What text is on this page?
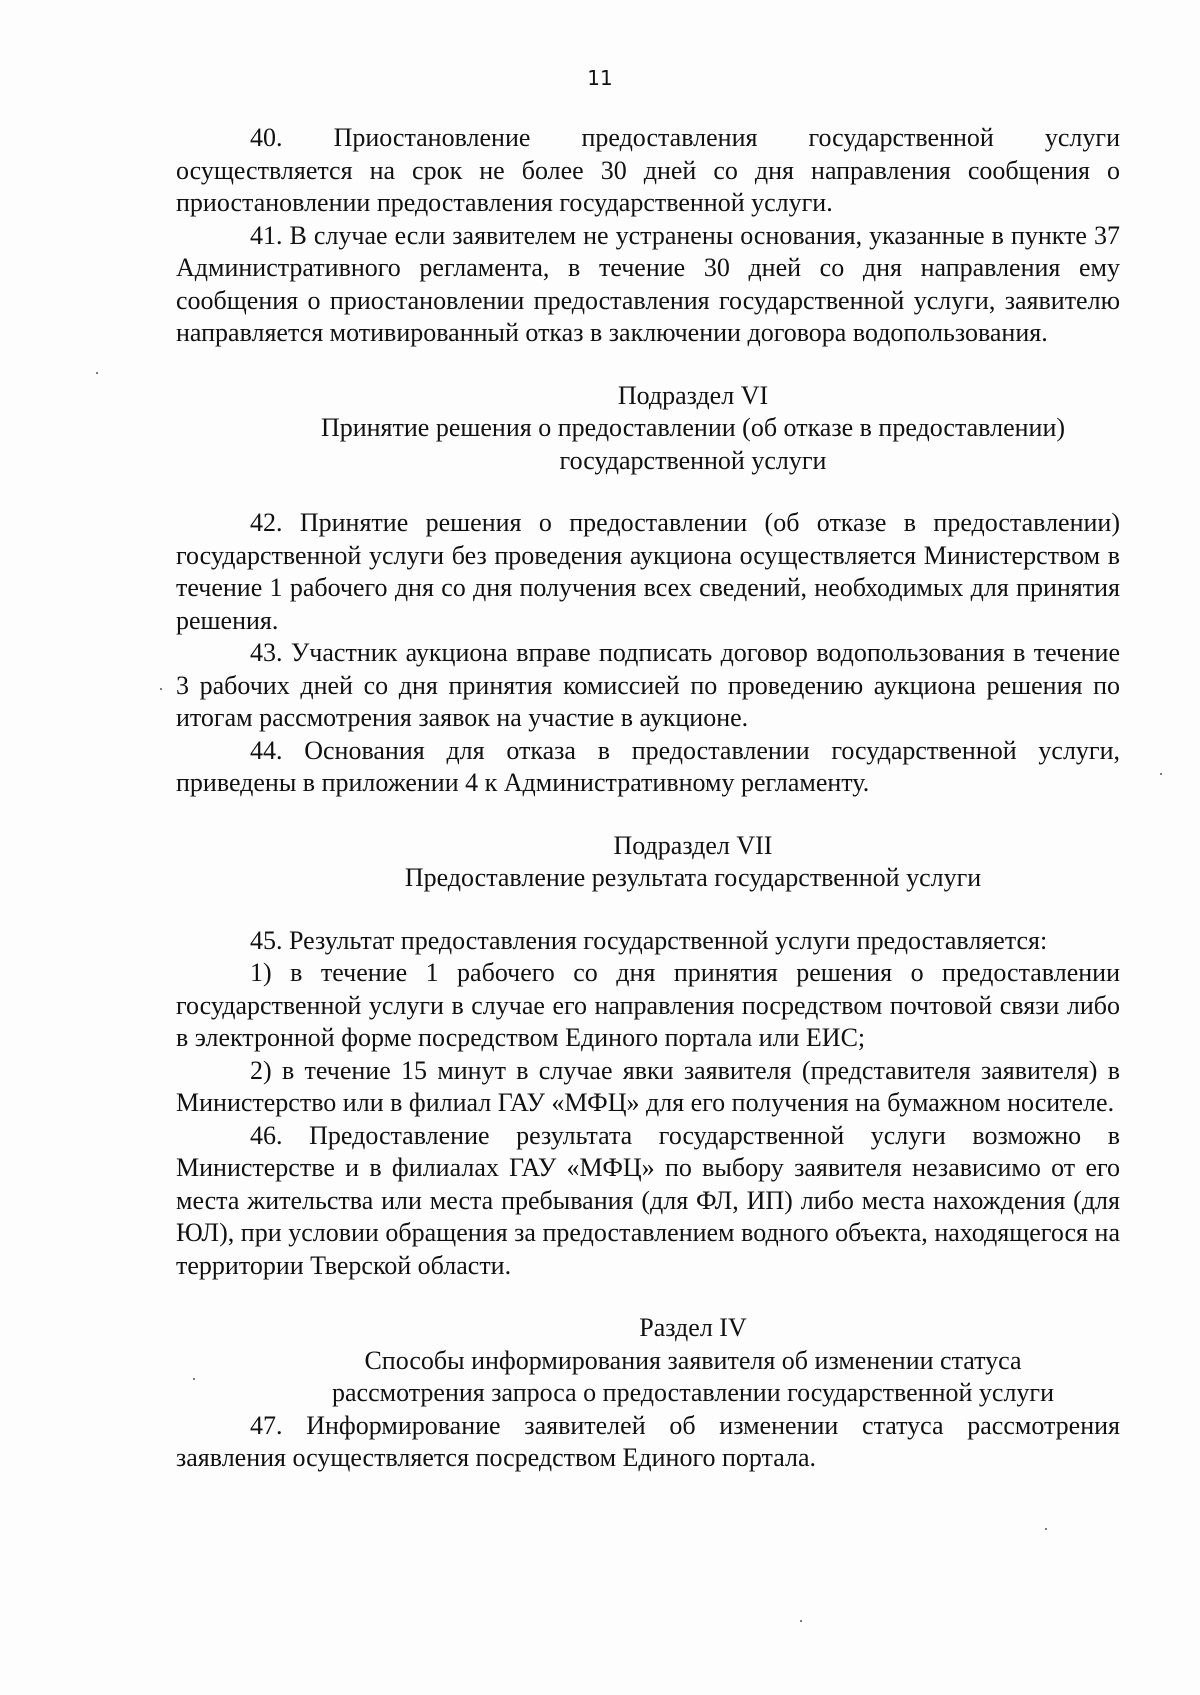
11

40. Приостановление предоставления государственной услуги осуществляется на срок не более 30 дней со дня направления сообщения о приостановлении предоставления государственной услуги.

41. В случае если заявителем не устранены основания, указанные в пункте 37 Административного регламента, в течение 30 дней со дня направления ему сообщения о приостановлении предоставления государственной услуги, заявителю направляется мотивированный отказ в заключении договора водопользования.

Подраздел VI

Принятие решения о предоставлении (об отказе в предоставлении)

государственной услуги

42. Принятие решения о предоставлении (об отказе в предоставлении) государственной услуги без проведения аукциона осуществляется Министерством в течение 1 рабочего дня со дня получения всех сведений, необходимых для принятия решения.

43. Участник аукциона вправе подписать договор водопользования в течение 3 рабочих дней со дня принятия комиссией по проведению аукциона решения по итогам рассмотрения заявок на участие в аукционе.

44. Основания для отказа в предоставлении государственной услуги, приведены в приложении 4 к Административному регламенту.

Подраздел VII

Предоставление результата государственной услуги

45. Результат предоставления государственной услуги предоставляется:

1) в течение 1 рабочего со дня принятия решения о предоставлении государственной услуги в случае его направления посредством почтовой связи либо в электронной форме посредством Единого портала или ЕИС;

2) в течение 15 минут в случае явки заявителя (представителя заявителя) в Министерство или в филиал ГАУ «МФЦ» для его получения на бумажном носителе.

46. Предоставление результата государственной услуги возможно в Министерстве и в филиалах ГАУ «МФЦ» по выбору заявителя независимо от его места жительства или места пребывания (для ФЛ, ИП) либо места нахождения (для ЮЛ), при условии обращения за предоставлением водного объекта, находящегося на территории Тверской области.

Раздел IV

Способы информирования заявителя об изменении статуса

рассмотрения запроса о предоставлении государственной услуги

47. Информирование заявителей об изменении статуса рассмотрения заявления осуществляется посредством Единого портала.
